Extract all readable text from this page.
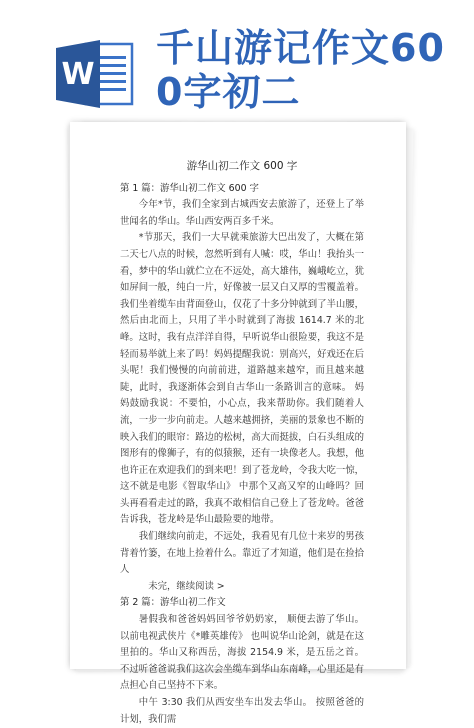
W
千山游记作文600字初二
游华山初二作文 600 字
第 1 篇：游华山初二作文 600 字

今年*节，我们全家到古城西安去旅游了，还登上了举世闻名的华山。华山西安两百多千米。

*节那天，我们一大早就乘旅游大巴出发了，大概在第二天七八点的时候，忽然听到有人喊：哎，华山！我抬头一看，梦中的华山就伫立在不远处，高大雄伟，巍峨屹立，犹如屏间一般，纯白一片，好像被一层又白又厚的雪覆盖着。我们坐着缆车由背面登山，仅花了十多分钟就到了半山腰，然后由北而上，只用了半小时就到了海拔 1614.7 米的北峰。这时，我有点洋洋自得，早听说华山很险要，我这不是轻而易举就上来了吗！妈妈提醒我说：别高兴，好戏还在后头呢！我们慢慢的向前前进，道路越来越窄，而且越来越陡，此时，我逐渐体会到自古华山一条路训言的意味。 妈妈鼓励我说：不要怕，小心点，我来帮助你。我们随着人流，一步一步向前走。人越来越拥挤，美丽的景象也不断的映入我们的眼帘：路边的松树，高大而挺拔，白石头组成的图形有的像狮子，有的似猿猴，还有一块像老人。我想，他也许正在欢迎我们的到来吧！到了苍龙岭，令我大吃一惊，这不就是电影《智取华山》 中那个又高又窄的山峰吗？回头再看看走过的路，我真不敢相信自己登上了苍龙岭。爸爸告诉我，苍龙岭是华山最险要的地带。

我们继续向前走，不远处，我看见有几位十来岁的男孩背着竹篓，在地上捡着什么。靠近了才知道，他们是在捡拾人

未完，继续阅读 >
第 2 篇：游华山初二作文

暑假我和爸爸妈妈回爷爷奶奶家， 顺便去游了华山。 以前电视武侠片《*雕英雄传》 也叫说华山论剑，就是在这里拍的。华山又称西岳，海拔 2154.9 米，是五岳之首。不过听爸爸说我们这次会坐缆车到华山东南峰，心里还是有点担心自己坚持不下来。

中午 3:30 我们从西安坐车出发去华山。 按照爸爸的计划，我们需
